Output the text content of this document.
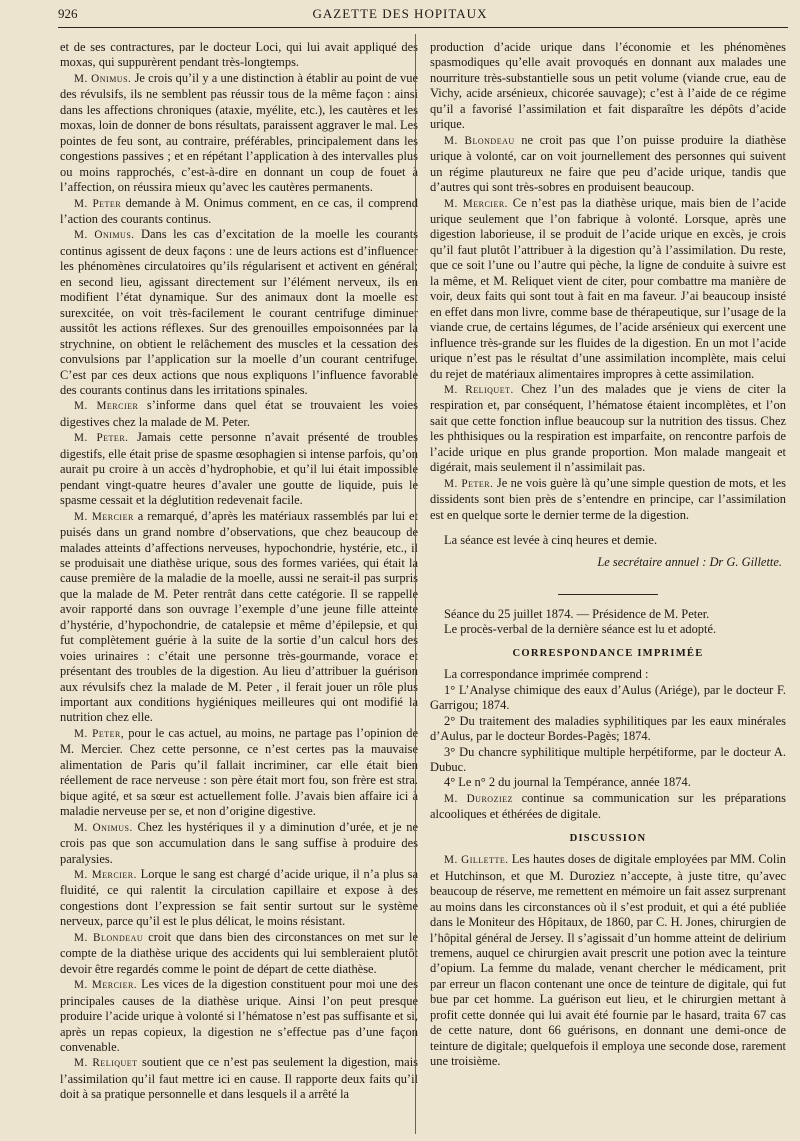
926	GAZETTE DES HOPITAUX

et de ses contractures, par le docteur Loci, qui lui avait appliqué des moxas, qui suppurèrent pendant très-longtemps.

M. Onimus. Je crois qu’il y a une distinction à établir au point de vue des révulsifs, ils ne semblent pas réussir tous de la même façon : ainsi dans les affections chroniques (ataxie, myélite, etc.), les cautères et les moxas, loin de donner de bons résultats, paraissent aggraver le mal. Les pointes de feu sont, au contraire, préférables, principalement dans les congestions passives ; et en répétant l’application à des intervalles plus ou moins rapprochés, c’est-à-dire en donnant un coup de fouet à l’affection, on réussira mieux qu’avec les cautères permanents.

M. Peter demande à M. Onimus comment, en ce cas, il comprend l’action des courants continus.

M. Onimus. Dans les cas d’excitation de la moelle les courants continus agissent de deux façons : une de leurs actions est d’influencer les phénomènes circulatoires qu’ils régularisent et activent en général; en second lieu, agissant directement sur l’élément nerveux, ils en modifient l’état dynamique. Sur des animaux dont la moelle est surexcitée, on voit très-facilement le courant centrifuge diminuer aussitôt les actions réflexes. Sur des grenouilles empoisonnées par la strychnine, on obtient le relâchement des muscles et la cessation des convulsions par l’application sur la moelle d’un courant centrifuge. C’est par ces deux actions que nous expliquons l’influence favorable des courants continus dans les irritations spinales.

M. Mercier s’informe dans quel état se trouvaient les voies digestives chez la malade de M. Peter.

M. Peter. Jamais cette personne n’avait présenté de troubles digestifs, elle était prise de spasme œsophagien si intense parfois, qu’on aurait pu croire à un accès d’hydrophobie, et qu’il lui était impossible pendant vingt-quatre heures d’avaler une goutte de liquide, puis le spasme cessait et la déglutition redevenait facile.

M. Mercier a remarqué, d’après les matériaux rassemblés par lui et puisés dans un grand nombre d’observations, que chez beaucoup de malades atteints d’affections nerveuses, hypochondrie, hystérie, etc., il se produisait une diathèse urique, sous des formes variées, qui était la cause première de la maladie de la moelle, aussi ne serait-il pas surpris que la malade de M. Peter rentrât dans cette catégorie. Il se rappelle avoir rapporté dans son ouvrage l’exemple d’une jeune fille atteinte d’hystérie, d’hypochondrie, de catalepsie et même d’épilepsie, et qui fut complètement guérie à la suite de la sortie d’un calcul hors des voies urinaires : c’était une personne très-gourmande, vorace et présentant des troubles de la digestion. Au lieu d’attribuer la guérison aux révulsifs chez la malade de M. Peter , il ferait jouer un rôle plus important aux conditions hygiéniques meilleures qui ont modifié la nutrition chez elle.

M. Peter, pour le cas actuel, au moins, ne partage pas l’opinion de M. Mercier. Chez cette personne, ce n’est certes pas la mauvaise alimentation de Paris qu’il fallait incriminer, car elle était bien réellement de race nerveuse : son père était mort fou, son frère est stra. bique agité, et sa sœur est actuellement folle. J’avais bien affaire ici à maladie nerveuse per se, et non d’origine digestive.

M. Onimus. Chez les hystériques il y a diminution d’urée, et je ne crois pas que son accumulation dans le sang suffise à produire des paralysies.

M. Mercier. Lorque le sang est chargé d’acide urique, il n’a plus sa fluidité, ce qui ralentit la circulation capillaire et expose à des congestions dont l’expression se fait sentir surtout sur le système nerveux, parce qu’il est le plus délicat, le moins résistant.

M. Blondeau croit que dans bien des circonstances on met sur le compte de la diathèse urique des accidents qui lui sembleraient plutôt devoir être regardés comme le point de départ de cette diathèse.

M. Mercier. Les vices de la digestion constituent pour moi une des principales causes de la diathèse urique. Ainsi l’on peut presque produire l’acide urique à volonté si l’hématose n’est pas suffisante et si, après un repas copieux, la digestion ne s’effectue pas d’une façon convenable.

M. Reliquet soutient que ce n’est pas seulement la digestion, mais l’assimilation qu’il faut mettre ici en cause. Il rapporte deux faits qu’il doit à sa pratique personnelle et dans lesquels il a arrêté la

production d’acide urique dans l’économie et les phénomènes spasmodiques qu’elle avait provoqués en donnant aux malades une nourriture très-substantielle sous un petit volume (viande crue, eau de Vichy, acide arsénieux, chicorée sauvage); c’est à l’aide de ce régime qu’il a favorisé l’assimilation et fait disparaître les dépôts d’acide urique.

M. Blondeau ne croit pas que l’on puisse produire la diathèse urique à volonté, car on voit journellement des personnes qui suivent un régime plautureux ne faire que peu d’acide urique, tandis que d’autres qui sont très-sobres en produisent beaucoup.

M. Mercier. Ce n’est pas la diathèse urique, mais bien de l’acide urique seulement que l’on fabrique à volonté. Lorsque, après une digestion laborieuse, il se produit de l’acide urique en excès, je crois qu’il faut plutôt l’attribuer à la digestion qu’à l’assimilation. Du reste, que ce soit l’une ou l’autre qui pèche, la ligne de conduite à suivre est la même, et M. Reliquet vient de citer, pour combattre ma manière de voir, deux faits qui sont tout à fait en ma faveur. J’ai beaucoup insisté en effet dans mon livre, comme base de thérapeutique, sur l’usage de la viande crue, de certains légumes, de l’acide arsénieux qui exercent une influence très-grande sur les fluides de la digestion. En un mot l’acide urique n’est pas le résultat d’une assimilation incomplète, mais celui du rejet de matériaux alimentaires impropres à cette assimilation.

M. Reliquet. Chez l’un des malades que je viens de citer la respiration et, par conséquent, l’hématose étaient incomplètes, et l’on sait que cette fonction influe beaucoup sur la nutrition des tissus. Chez les phthisiques ou la respiration est imparfaite, on rencontre parfois de l’acide urique en plus grande proportion. Mon malade mangeait et digérait, mais seulement il n’assimilait pas.

M. Peter. Je ne vois guère là qu’une simple question de mots, et les dissidents sont bien près de s’entendre en principe, car l’assimilation est en quelque sorte le dernier terme de la digestion.

La séance est levée à cinq heures et demie.

Le secrétaire annuel : Dr G. Gillette.

Séance du 25 juillet 1874. — Présidence de M. Peter.

Le procès-verbal de la dernière séance est lu et adopté.

CORRESPONDANCE IMPRIMÉE

La correspondance imprimée comprend :

1° L’Analyse chimique des eaux d’Aulus (Ariége), par le docteur F. Garrigou; 1874.

2° Du traitement des maladies syphilitiques par les eaux minérales d’Aulus, par le docteur Bordes-Pagès; 1874.

3° Du chancre syphilitique multiple herpétiforme, par le docteur A. Dubuc.

4° Le n° 2 du journal la Tempérance, année 1874.

M. Duroziez continue sa communication sur les préparations alcooliques et éthérées de digitale.

DISCUSSION

M. Gillette. Les hautes doses de digitale employées par MM. Colin et Hutchinson, et que M. Duroziez n’accepte, à juste titre, qu’avec beaucoup de réserve, me remettent en mémoire un fait assez surprenant au moins dans les circonstances où il s’est produit, et qui a été publiée dans le Moniteur des Hôpitaux, de 1860, par C. H. Jones, chirurgien de l’hôpital général de Jersey. Il s’agissait d’un homme atteint de delirium tremens, auquel ce chirurgien avait prescrit une potion avec la teinture d’opium. La femme du malade, venant chercher le médicament, prit par erreur un flacon contenant une once de teinture de digitale, qui fut bue par cet homme. La guérison eut lieu, et le chirurgien mettant à profit cette donnée qui lui avait été fournie par le hasard, traita 67 cas de cette nature, dont 66 guérisons, en donnant une demi-once de teinture de digitale; quelquefois il employa une seconde dose, rarement une troisième.
